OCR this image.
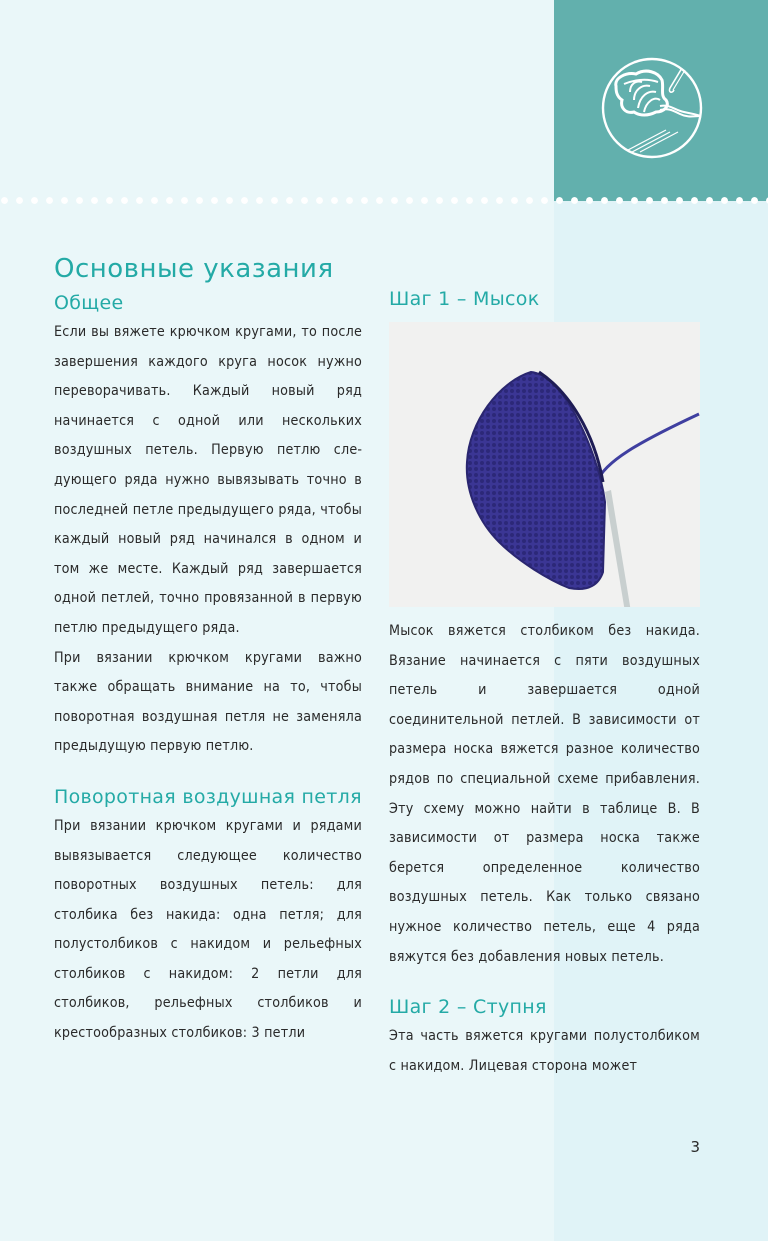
Основные указания
Общее

Если вы вяжете крючком кругами, то после завершения каждого круга носок нужно переворачивать. Каждый новый ряд начинается с одной или нескольких воздушных петель. Первую петлю следующего ряда нужно вывязывать точно в последней петле предыдущего ряда, чтобы каждый новый ряд начинался в одном и том же месте. Каждый ряд завершается одной петлей, точно провязанной в первую петлю предыдущего ряда.

При вязании крючком кругами важно также обращать внимание на то, чтобы поворотная воздушная петля не заменяла предыдущую первую петлю.

Поворотная воздушная петля

При вязании крючком кругами и рядами вывязывается следующее количество поворотных воздушных петель: для столбика без накида: одна петля; для полустолбиков с накидом и рельефных столбиков с накидом: 2 петли для столбиков, рельефных столбиков и крестообразных столбиков: 3 петли

Шаг 1 – Мысок

Мысок вяжется столбиком без накида. Вязание начинается с пяти воздушных петель и завершается одной соединительной петлей. В зависимости от размера носка вяжется разное количество рядов по специальной схеме прибавления. Эту схему можно найти в таблице B. В зависимости от размера носка также берется определенное количество воздушных петель. Как только связано нужное количество петель, еще 4 ряда вяжутся без добавления новых петель.

Шаг 2 – Ступня

Эта часть вяжется кругами полустолбиком с накидом. Лицевая сторона может

3
